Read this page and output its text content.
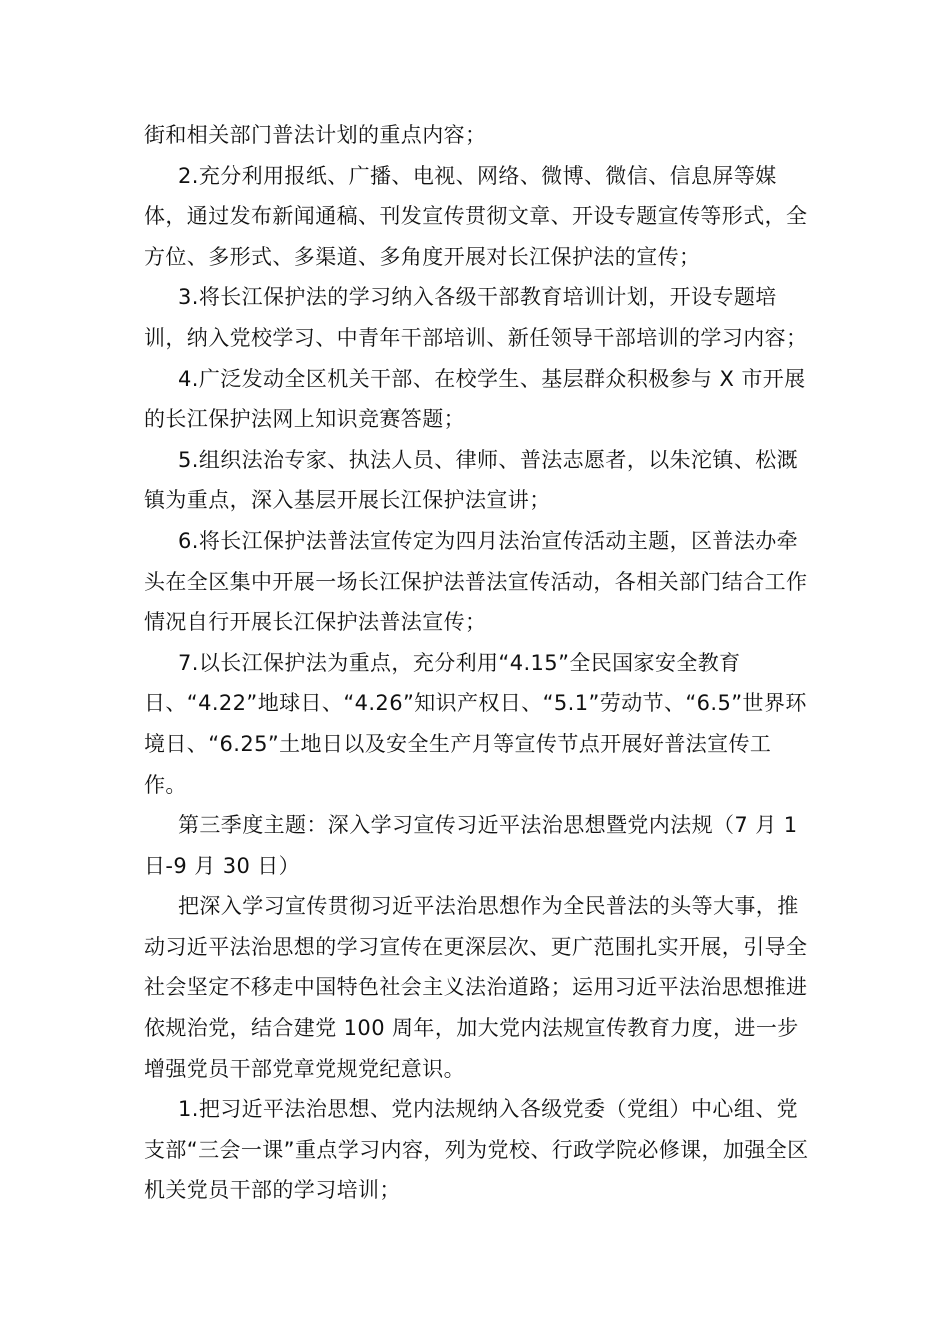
街和相关部门普法计划的重点内容；

2.充分利用报纸、广播、电视、网络、微博、微信、信息屏等媒体，通过发布新闻通稿、刊发宣传贯彻文章、开设专题宣传等形式，全方位、多形式、多渠道、多角度开展对长江保护法的宣传；

3.将长江保护法的学习纳入各级干部教育培训计划，开设专题培训，纳入党校学习、中青年干部培训、新任领导干部培训的学习内容；

4.广泛发动全区机关干部、在校学生、基层群众积极参与 X 市开展的长江保护法网上知识竞赛答题；

5.组织法治专家、执法人员、律师、普法志愿者，以朱沱镇、松溉镇为重点，深入基层开展长江保护法宣讲；

6.将长江保护法普法宣传定为四月法治宣传活动主题，区普法办牵头在全区集中开展一场长江保护法普法宣传活动，各相关部门结合工作情况自行开展长江保护法普法宣传；

7.以长江保护法为重点，充分利用“4.15”全民国家安全教育日、“4.22”地球日、“4.26”知识产权日、“5.1”劳动节、“6.5”世界环境日、“6.25”土地日以及安全生产月等宣传节点开展好普法宣传工作。

第三季度主题：深入学习宣传习近平法治思想暨党内法规（7 月 1 日-9 月 30 日）

把深入学习宣传贯彻习近平法治思想作为全民普法的头等大事，推动习近平法治思想的学习宣传在更深层次、更广范围扎实开展，引导全社会坚定不移走中国特色社会主义法治道路；运用习近平法治思想推进依规治党，结合建党 100 周年，加大党内法规宣传教育力度，进一步增强党员干部党章党规党纪意识。

1.把习近平法治思想、党内法规纳入各级党委（党组）中心组、党支部“三会一课”重点学习内容，列为党校、行政学院必修课，加强全区机关党员干部的学习培训；
